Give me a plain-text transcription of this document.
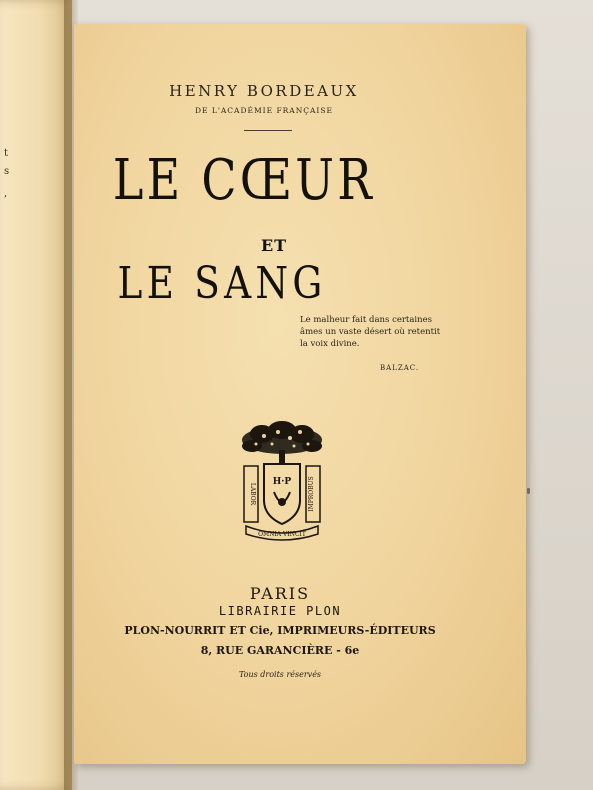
t
s
,
HENRY BORDEAUX
DE L'ACADÉMIE FRANÇAISE
LE CŒUR
ET
LE SANG
Le malheur fait dans certaines âmes un vaste désert où retentit la voix divine.
BALZAC.
H·P
LABOR	IMPROBUS
OMNIA VINCIT
PARIS
LIBRAIRIE PLON
PLON-NOURRIT ET Cie, IMPRIMEURS-ÉDITEURS
8, RUE GARANCIÈRE - 6e
Tous droits réservés
